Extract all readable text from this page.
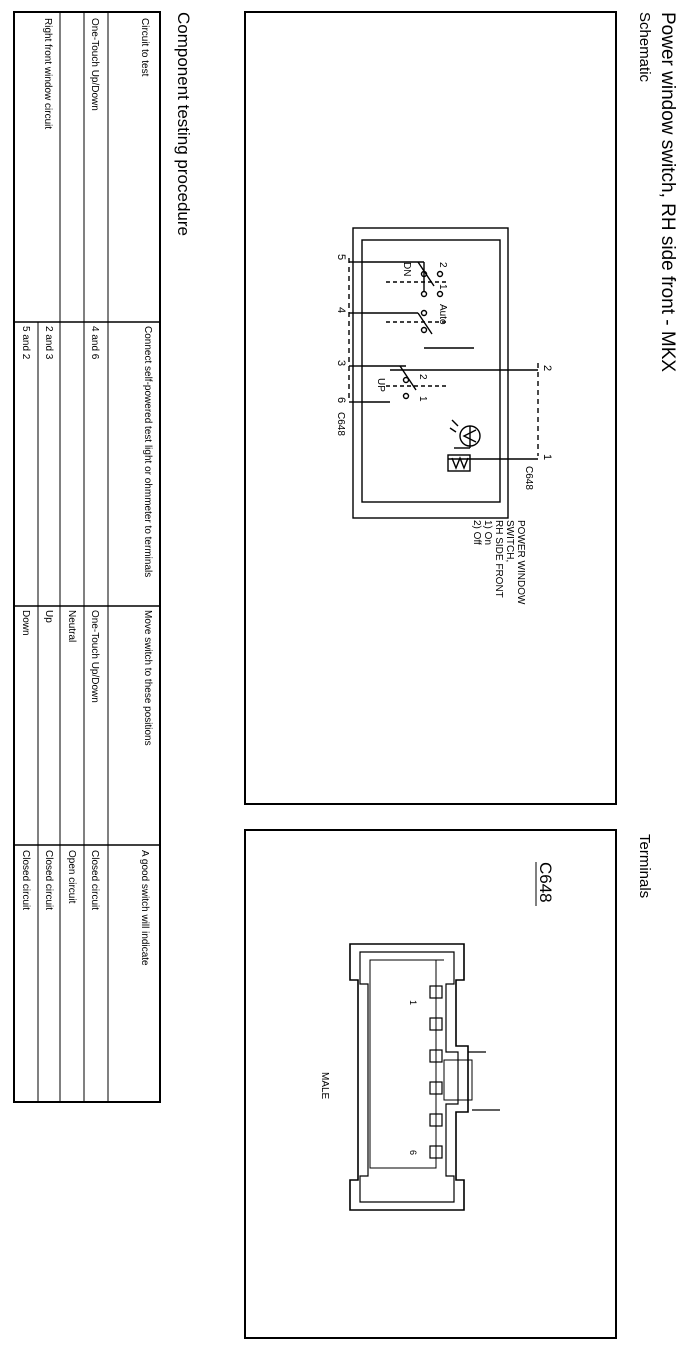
Power window switch, RH side front - MKX
Schematic
Terminals
5
4
3
6
2
1
C648
C648
DN
UP
Auto
2
1
2
1
POWER WINDOW SWITCH, RH SIDE FRONT 1) On 2) Off
C648
MALE
1
6
Component testing procedure
Circuit to test
Connect self-powered test light or ohmmeter to terminals
Move switch to these positions
A good switch will indicate
One-Touch Up/Down
4 and 6
One-Touch Up/Down
Closed circuit
Neutral
Open circuit
Right front window circuit
2 and 3
Up
Closed circuit
5 and 2
Down
Closed circuit
